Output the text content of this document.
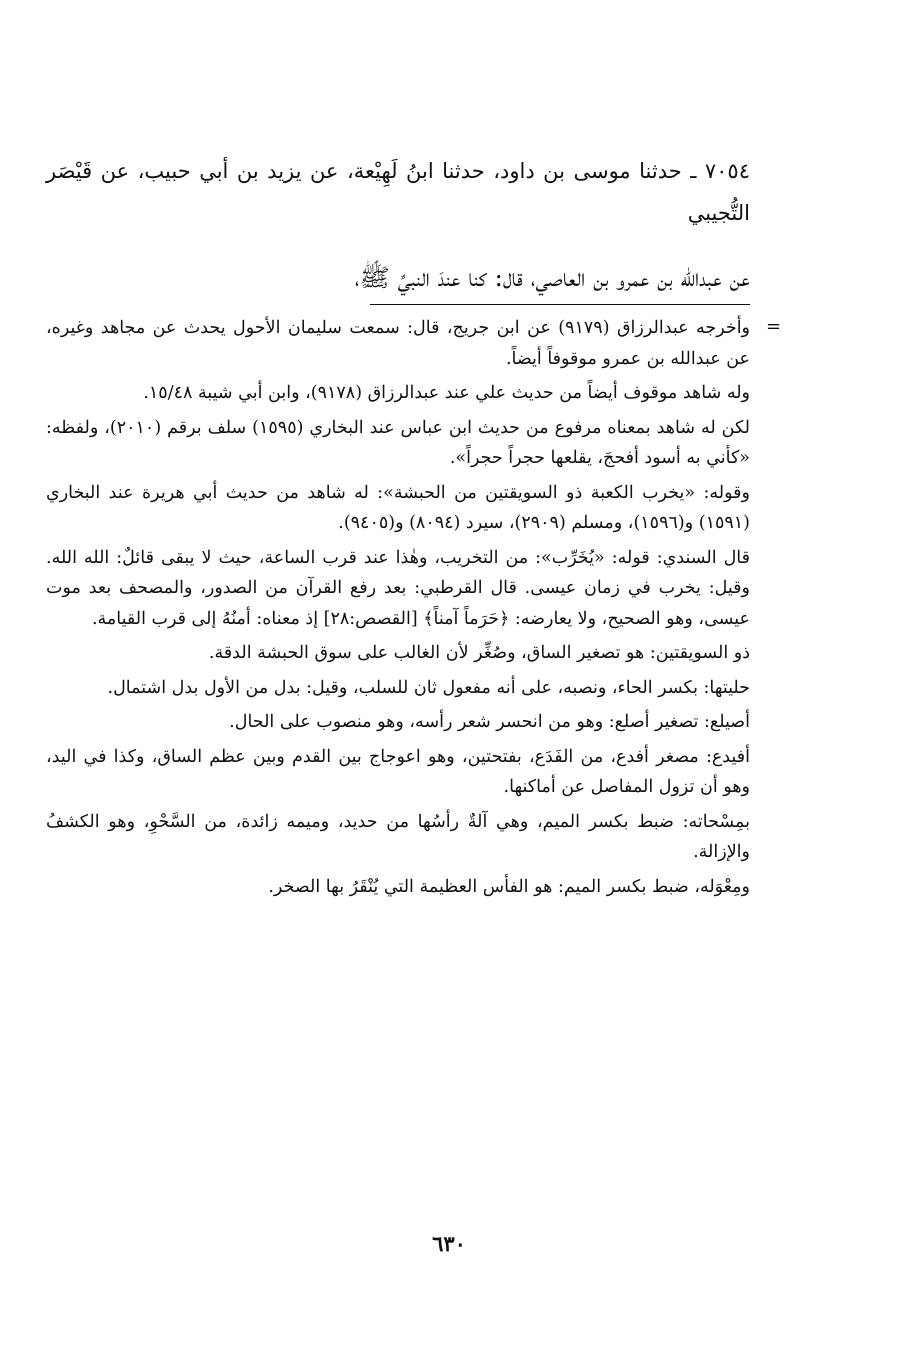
٧٠٥٤ ـ حدثنا موسى بن داود، حدثنا ابنُ لَهِيْعة، عن يزيد بن أبي حبيب، عن قَيْصَر التُّجيبي

عن عبدالله بن عمرو بن العاصي، قال: كنا عندَ النبيِّ ﷺ،
=

وأخرجه عبدالرزاق (٩١٧٩) عن ابن جريج، قال: سمعت سليمان الأحول يحدث عن مجاهد وغيره، عن عبدالله بن عمرو موقوفاً أيضاً.

وله شاهد موقوف أيضاً من حديث علي عند عبدالرزاق (٩١٧٨)، وابن أبي شيبة ١٥/٤٨.

لكن له شاهد بمعناه مرفوع من حديث ابن عباس عند البخاري (١٥٩٥) سلف برقم (٢٠١٠)، ولفظه: «كأني به أسود أفحجَ، يقلعها حجراً حجراً».

وقوله: «يخرب الكعبة ذو السويقتين من الحبشة»: له شاهد من حديث أبي هريرة عند البخاري (١٥٩١) و(١٥٩٦)، ومسلم (٢٩٠٩)، سيرد (٨٠٩٤) و(٩٤٠٥).

قال السندي: قوله: «يُخَرِّب»: من التخريب، وهٰذا عند قرب الساعة، حيث لا يبقى قائلٌ: الله الله. وقيل: يخرب في زمان عيسى. قال القرطبي: بعد رفع القرآن من الصدور، والمصحف بعد موت عيسى، وهو الصحيح، ولا يعارضه: ﴿حَرَماً آمناً﴾ [القصص:٢٨] إذ معناه: أمنُهُ إلى قرب القيامة.

ذو السويقتين: هو تصغير الساق، وصُغِّر لأن الغالب على سوق الحبشة الدقة.

حليتها: بكسر الحاء، ونصبه، على أنه مفعول ثان للسلب، وقيل: بدل من الأول بدل اشتمال.

أصيلع: تصغير أصلع: وهو من انحسر شعر رأسه، وهو منصوب على الحال.

أفيدع: مصغر أفدع، من الفَدَع، بفتحتين، وهو اعوجاج بين القدم وبين عظم الساق، وكذا في اليد، وهو أن تزول المفاصل عن أماكنها.

بمِسْحاته: ضبط بكسر الميم، وهي آلةٌ رأسُها من حديد، وميمه زائدة، من السَّحْوِ، وهو الكشفُ والإزالة.

ومِعْوَله، ضبط بكسر الميم: هو الفأس العظيمة التي يُنْقَرُ بها الصخر.

٦٣٠
